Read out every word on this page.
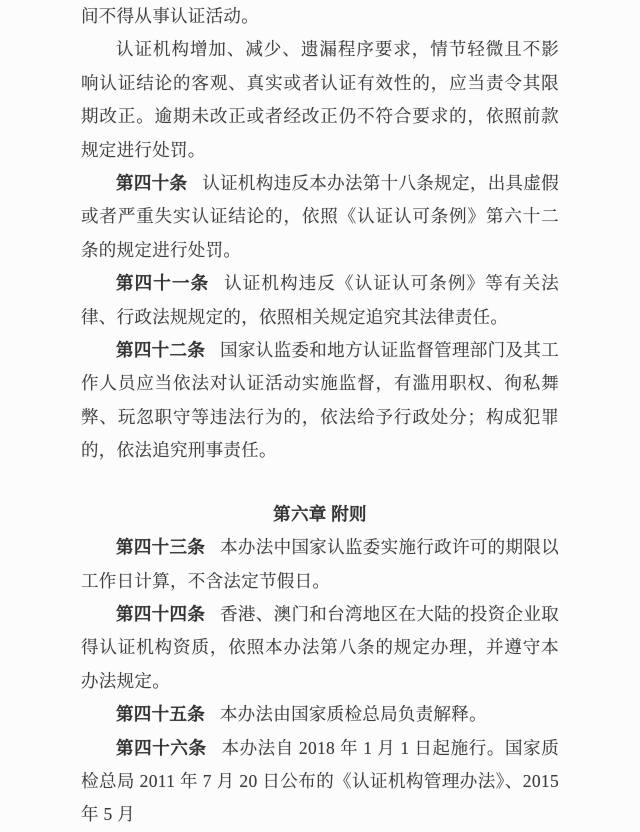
间不得从事认证活动。

认证机构增加、减少、遗漏程序要求，情节轻微且不影响认证结论的客观、真实或者认证有效性的，应当责令其限期改正。逾期未改正或者经改正仍不符合要求的，依照前款规定进行处罚。

第四十条 认证机构违反本办法第十八条规定，出具虚假或者严重失实认证结论的，依照《认证认可条例》第六十二条的规定进行处罚。

第四十一条 认证机构违反《认证认可条例》等有关法律、行政法规规定的，依照相关规定追究其法律责任。

第四十二条 国家认监委和地方认证监督管理部门及其工作人员应当依法对认证活动实施监督，有滥用职权、徇私舞弊、玩忽职守等违法行为的，依法给予行政处分；构成犯罪的，依法追究刑事责任。

第六章 附则

第四十三条 本办法中国家认监委实施行政许可的期限以工作日计算，不含法定节假日。

第四十四条 香港、澳门和台湾地区在大陆的投资企业取得认证机构资质，依照本办法第八条的规定办理，并遵守本办法规定。

第四十五条 本办法由国家质检总局负责解释。

第四十六条 本办法自 2018 年 1 月 1 日起施行。国家质检总局 2011 年 7 月 20 日公布的《认证机构管理办法》、2015 年 5 月
